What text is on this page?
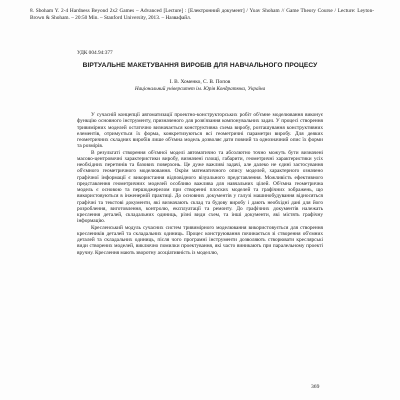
8. Sboham Y. 2-4 Hardness Beyond 2x2 Games – Advanced [Lecture] : [Електронний документ] / Yoav Shoham // Game Theory Course / Lecture: Leyton-Brown & Shoham. – 20:50 Min. – Stanford University, 2013. – Назвафайл.
УДК 004.94:377
ВІРТУАЛЬНЕ МАКЕТУВАННЯ ВИРОБІВ ДЛЯ НАВЧАЛЬНОГО ПРОЦЕСУ
І. В. Хоменко, С. В. Попов
Національний університет ім. Юрія Кондратюка, Україна

У сучасній концепції автоматизації проектно-конструкторських робіт об'ємне моделювання виконує функцію основного інструменту, призначеного для розв'язання компонувальних задач. У процесі створення тривимірних моделей остаточно визначається конструктивна схема виробу, розташування конструктивних елементів, отримується їх форма, конкретизуються всі геометричні параметри виробу. Для деяких геометричних складних виробів лише об'ємна модель дозволяє дати повний та однозначний опис їх форми та розмірів.

В результаті створення об'ємної моделі автоматично та абсолютно точно можуть бути визначені масово-центровочні характеристики виробу, визначені площі, габарити, геометричні характеристики усіх необхідних перетинів та базових поверхонь. Це дуже важливі задачі, але далеко не єдині застосування об'ємного геометричного моделювання. Окрім математичного опису моделей, характерного означено графічної інформації є використання відповідного візуального представлення. Можливість ефективного представлення геометричних моделей особливо важлива для навчальних цілей. Об'ємна геометрична модель є основою та першоджерелом при створенні плоских моделей та графічних зображень, що використовуються в інженерній практиці. До основних документів у галузі машинобудування відносяться графічні та текстові документи, які визначають склад та будову виробу і дають необхідні дані для його розроблення, виготовлення, контролю, експлуатації та ремонту. До графічних документів належать креслення деталей, складальних одиниць, різні види схем, та інші документи, які містять графічну інформацію.

Кресленський модуль сучасних систем тривимірного моделювання використовується для створення креслеників деталей та складальних одиниць. Процес конструювання починається зі створення об'ємних деталей та складальних одиниць, після чого програмні інструменти дозволяють створювати креслярські види створених моделей, виключно помилки проектування, які часто виникають при паралельному проекті вручну. Креслення мають зворотну асоціативність із моделлю,

369
